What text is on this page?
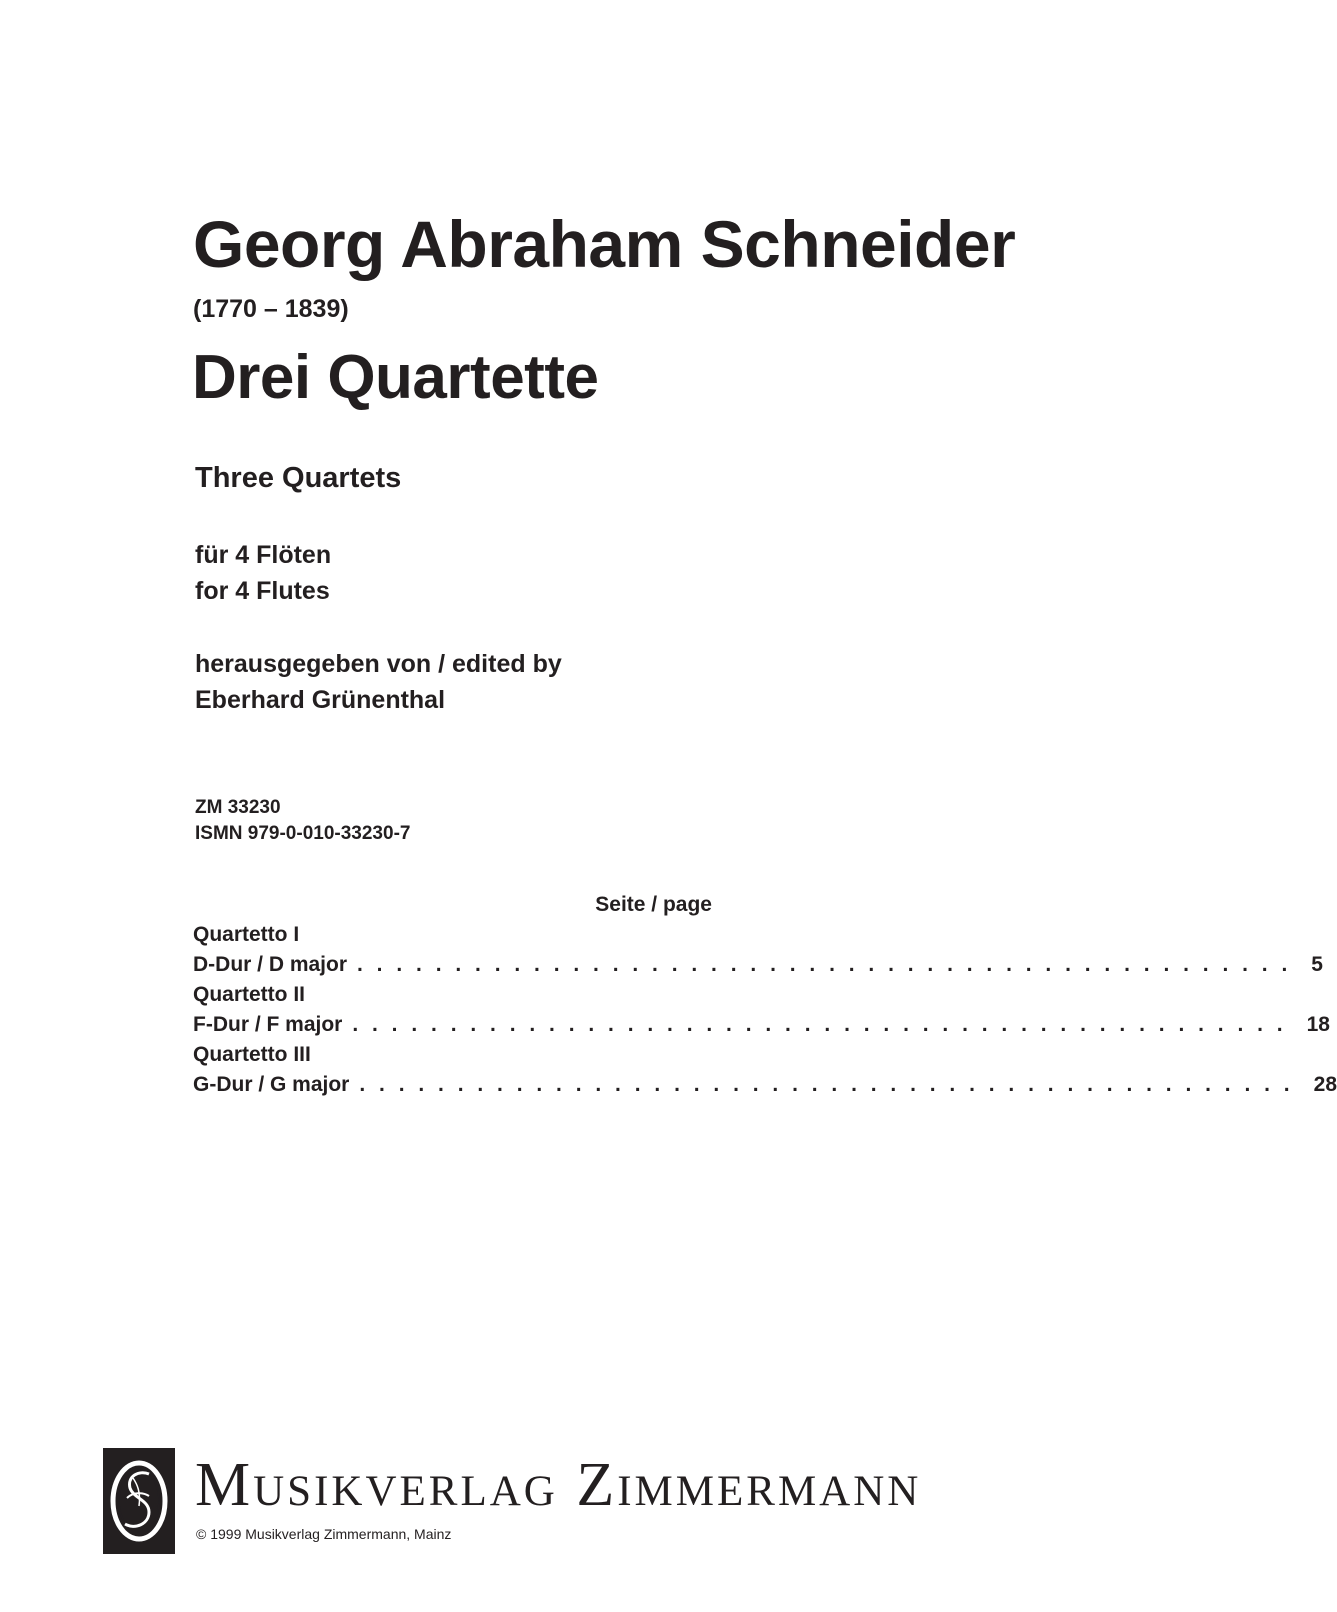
Georg Abraham Schneider
(1770 – 1839)
Drei Quartette
Three Quartets
für 4 Flöten
for 4 Flutes
herausgegeben von / edited by
Eberhard Grünenthal
ZM 33230
ISMN 979-0-010-33230-7
Seite / page
Quartetto I
D-Dur / D major . . . . . . . . . . . . . . . . . . . . . . . . . . . . . . . . . . . . . . . . . . . . . . . . 5
Quartetto II
F-Dur / F major . . . . . . . . . . . . . . . . . . . . . . . . . . . . . . . . . . . . . . . . . . . . . . . . 18
Quartetto III
G-Dur / G major . . . . . . . . . . . . . . . . . . . . . . . . . . . . . . . . . . . . . . . . . . . . . . . . 28
Musikverlag Zimmermann
© 1999 Musikverlag Zimmermann, Mainz
